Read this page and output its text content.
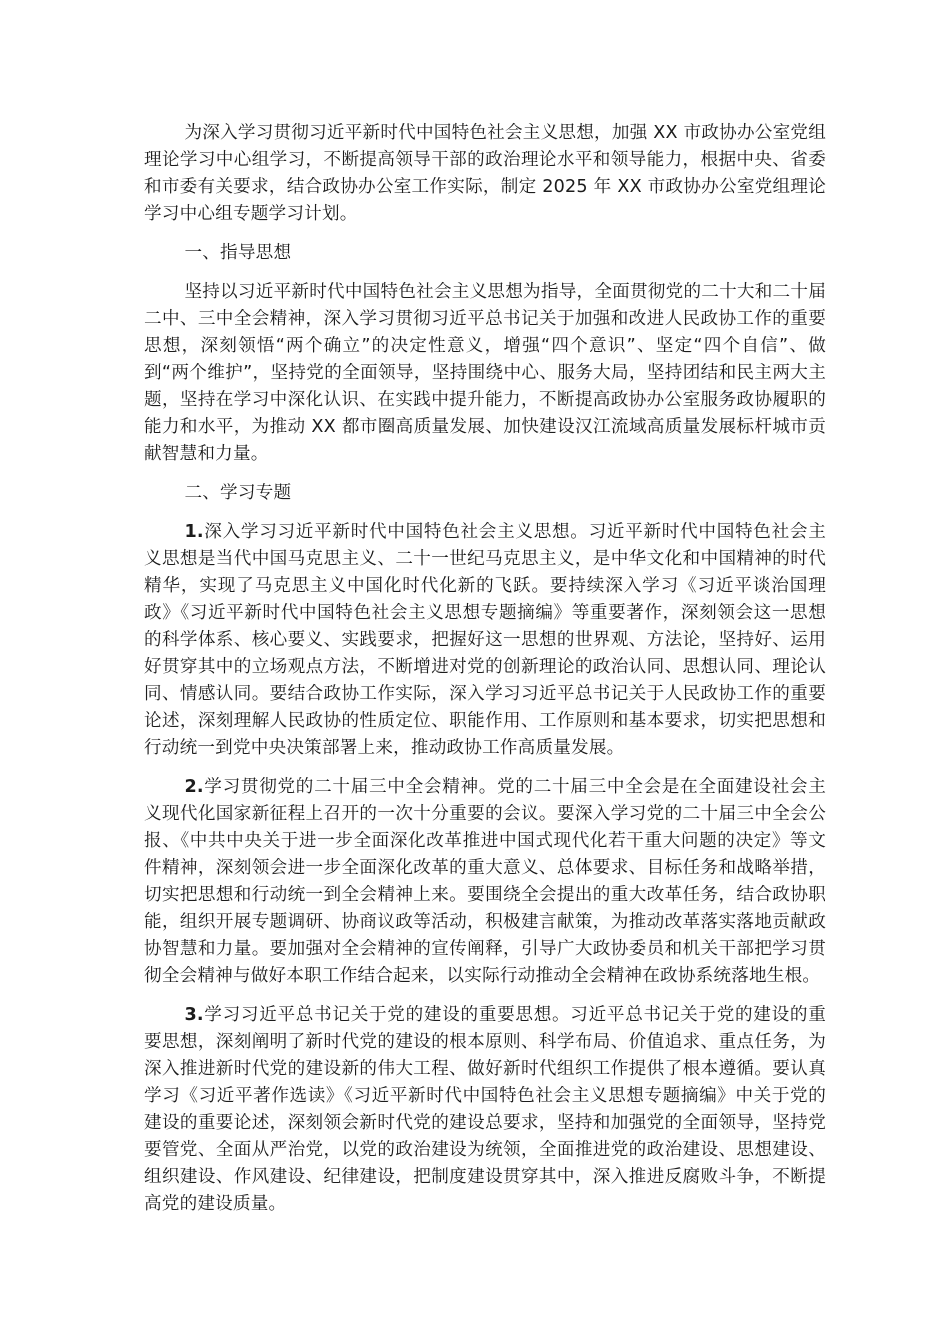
为深入学习贯彻习近平新时代中国特色社会主义思想，加强 XX 市政协办公室党组理论学习中心组学习，不断提高领导干部的政治理论水平和领导能力，根据中央、省委和市委有关要求，结合政协办公室工作实际，制定 2025 年 XX 市政协办公室党组理论学习中心组专题学习计划。

一、指导思想

坚持以习近平新时代中国特色社会主义思想为指导，全面贯彻党的二十大和二十届二中、三中全会精神，深入学习贯彻习近平总书记关于加强和改进人民政协工作的重要思想，深刻领悟“两个确立”的决定性意义，增强“四个意识”、坚定“四个自信”、做到“两个维护”，坚持党的全面领导，坚持围绕中心、服务大局，坚持团结和民主两大主题，坚持在学习中深化认识、在实践中提升能力，不断提高政协办公室服务政协履职的能力和水平，为推动 XX 都市圈高质量发展、加快建设汉江流域高质量发展标杆城市贡献智慧和力量。

二、学习专题

1.深入学习习近平新时代中国特色社会主义思想。习近平新时代中国特色社会主义思想是当代中国马克思主义、二十一世纪马克思主义，是中华文化和中国精神的时代精华，实现了马克思主义中国化时代化新的飞跃。要持续深入学习《习近平谈治国理政》《习近平新时代中国特色社会主义思想专题摘编》等重要著作，深刻领会这一思想的科学体系、核心要义、实践要求，把握好这一思想的世界观、方法论，坚持好、运用好贯穿其中的立场观点方法，不断增进对党的创新理论的政治认同、思想认同、理论认同、情感认同。要结合政协工作实际，深入学习习近平总书记关于人民政协工作的重要论述，深刻理解人民政协的性质定位、职能作用、工作原则和基本要求，切实把思想和行动统一到党中央决策部署上来，推动政协工作高质量发展。

2.学习贯彻党的二十届三中全会精神。党的二十届三中全会是在全面建设社会主义现代化国家新征程上召开的一次十分重要的会议。要深入学习党的二十届三中全会公报、《中共中央关于进一步全面深化改革推进中国式现代化若干重大问题的决定》等文件精神，深刻领会进一步全面深化改革的重大意义、总体要求、目标任务和战略举措，切实把思想和行动统一到全会精神上来。要围绕全会提出的重大改革任务，结合政协职能，组织开展专题调研、协商议政等活动，积极建言献策，为推动改革落实落地贡献政协智慧和力量。要加强对全会精神的宣传阐释，引导广大政协委员和机关干部把学习贯彻全会精神与做好本职工作结合起来，以实际行动推动全会精神在政协系统落地生根。

3.学习习近平总书记关于党的建设的重要思想。习近平总书记关于党的建设的重要思想，深刻阐明了新时代党的建设的根本原则、科学布局、价值追求、重点任务，为深入推进新时代党的建设新的伟大工程、做好新时代组织工作提供了根本遵循。要认真学习《习近平著作选读》《习近平新时代中国特色社会主义思想专题摘编》中关于党的建设的重要论述，深刻领会新时代党的建设总要求，坚持和加强党的全面领导，坚持党要管党、全面从严治党，以党的政治建设为统领，全面推进党的政治建设、思想建设、组织建设、作风建设、纪律建设，把制度建设贯穿其中，深入推进反腐败斗争，不断提高党的建设质量。
